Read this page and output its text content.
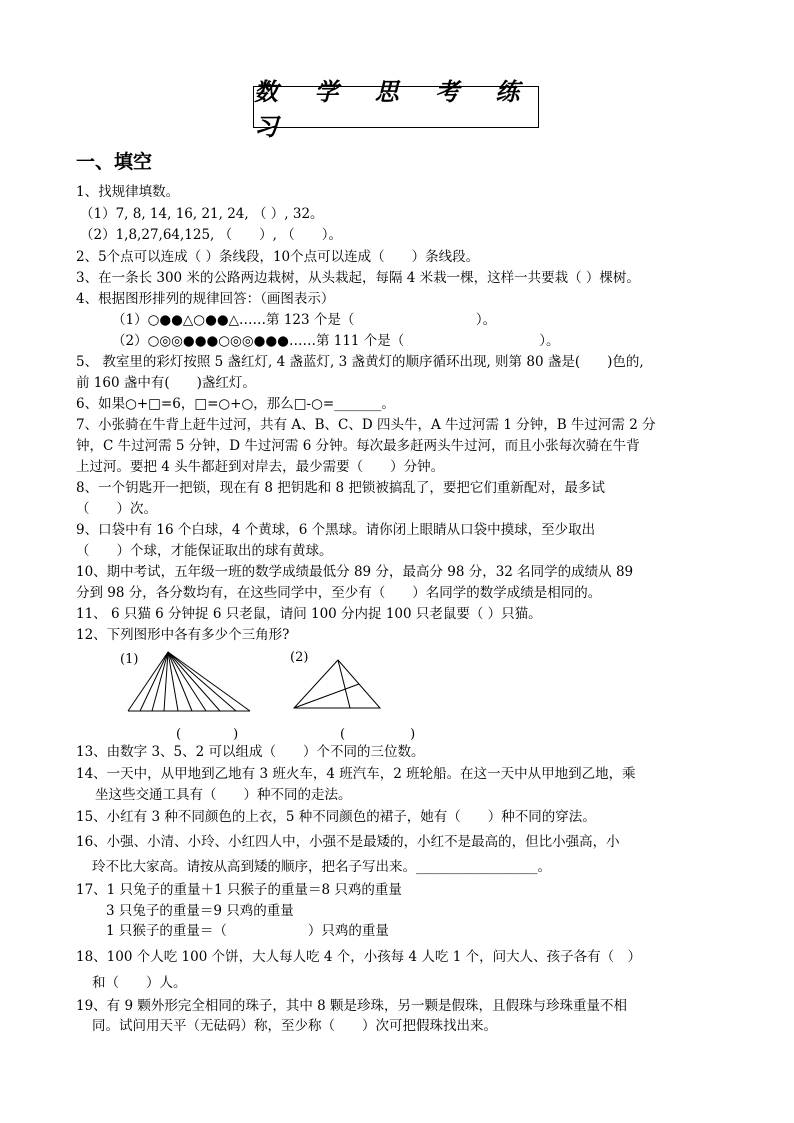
数 学 思 考 练 习
一、填空
1、找规律填数。
（1）7, 8, 14, 16, 21, 24, （ ）, 32。
（2）1,8,27,64,125, （　　）, （　　）。
2、5个点可以连成（ ）条线段，10个点可以连成（　　）条线段。
3、在一条长 300 米的公路两边栽树，从头栽起，每隔 4 米栽一棵，这样一共要栽（ ）棵树。
4、根据图形排列的规律回答：（画图表示）
（1）○●●△○●●△……第 123 个是（　　　　　　　　　）。
（2）○◎◎●●●○◎◎●●●……第 111 个是（　　　　　　　　　　）。
5、 教室里的彩灯按照 5 盏红灯, 4 盏蓝灯, 3 盏黄灯的顺序循环出现, 则第 80 盏是(　　)色的,
前 160 盏中有(　　)盏红灯。
6、如果○+□=6，□=○+○，那么□-○=_______。
7、小张骑在牛背上赶牛过河，共有 A、B、C、D 四头牛，A 牛过河需 1 分钟，B 牛过河需 2 分
钟，C 牛过河需 5 分钟，D 牛过河需 6 分钟。每次最多赶两头牛过河，而且小张每次骑在牛背
上过河。要把 4 头牛都赶到对岸去，最少需要（　　）分钟。
8、一个钥匙开一把锁，现在有 8 把钥匙和 8 把锁被搞乱了，要把它们重新配对，最多试
（　　）次。
9、口袋中有 16 个白球，4 个黄球，6 个黑球。请你闭上眼睛从口袋中摸球，至少取出
（　　）个球，才能保证取出的球有黄球。
10、期中考试，五年级一班的数学成绩最低分 89 分，最高分 98 分，32 名同学的成绩从 89
分到 98 分，各分数均有，在这些同学中，至少有（　　）名同学的数学成绩是相同的。
11、 6 只猫 6 分钟捉 6 只老鼠，请问 100 分内捉 100 只老鼠要（ ）只猫。
12、下列图形中各有多少个三角形?
(1)	(2)
(　　　　)	(　　　　　)
13、由数字 3、5、2 可以组成（　　）个不同的三位数。
14、一天中，从甲地到乙地有 3 班火车，4 班汽车，2 班轮船。在这一天中从甲地到乙地，乘
坐这些交通工具有（　　）种不同的走法。
15、小红有 3 种不同颜色的上衣，5 种不同颜色的裙子，她有（　　）种不同的穿法。
16、小强、小清、小玲、小红四人中，小强不是最矮的，小红不是最高的，但比小强高，小
玲不比大家高。请按从高到矮的顺序，把名子写出来。__________________。
17、1 只兔子的重量＋1 只猴子的重量＝8 只鸡的重量
3 只兔子的重量＝9 只鸡的重量
1 只猴子的重量＝（　　　　　　）只鸡的重量
18、100 个人吃 100 个饼，大人每人吃 4 个，小孩每 4 人吃 1 个，问大人、孩子各有（　）
和（　　）人。
19、有 9 颗外形完全相同的珠子，其中 8 颗是珍珠，另一颗是假珠，且假珠与珍珠重量不相
同。试问用天平（无砝码）称，至少称（　　）次可把假珠找出来。
